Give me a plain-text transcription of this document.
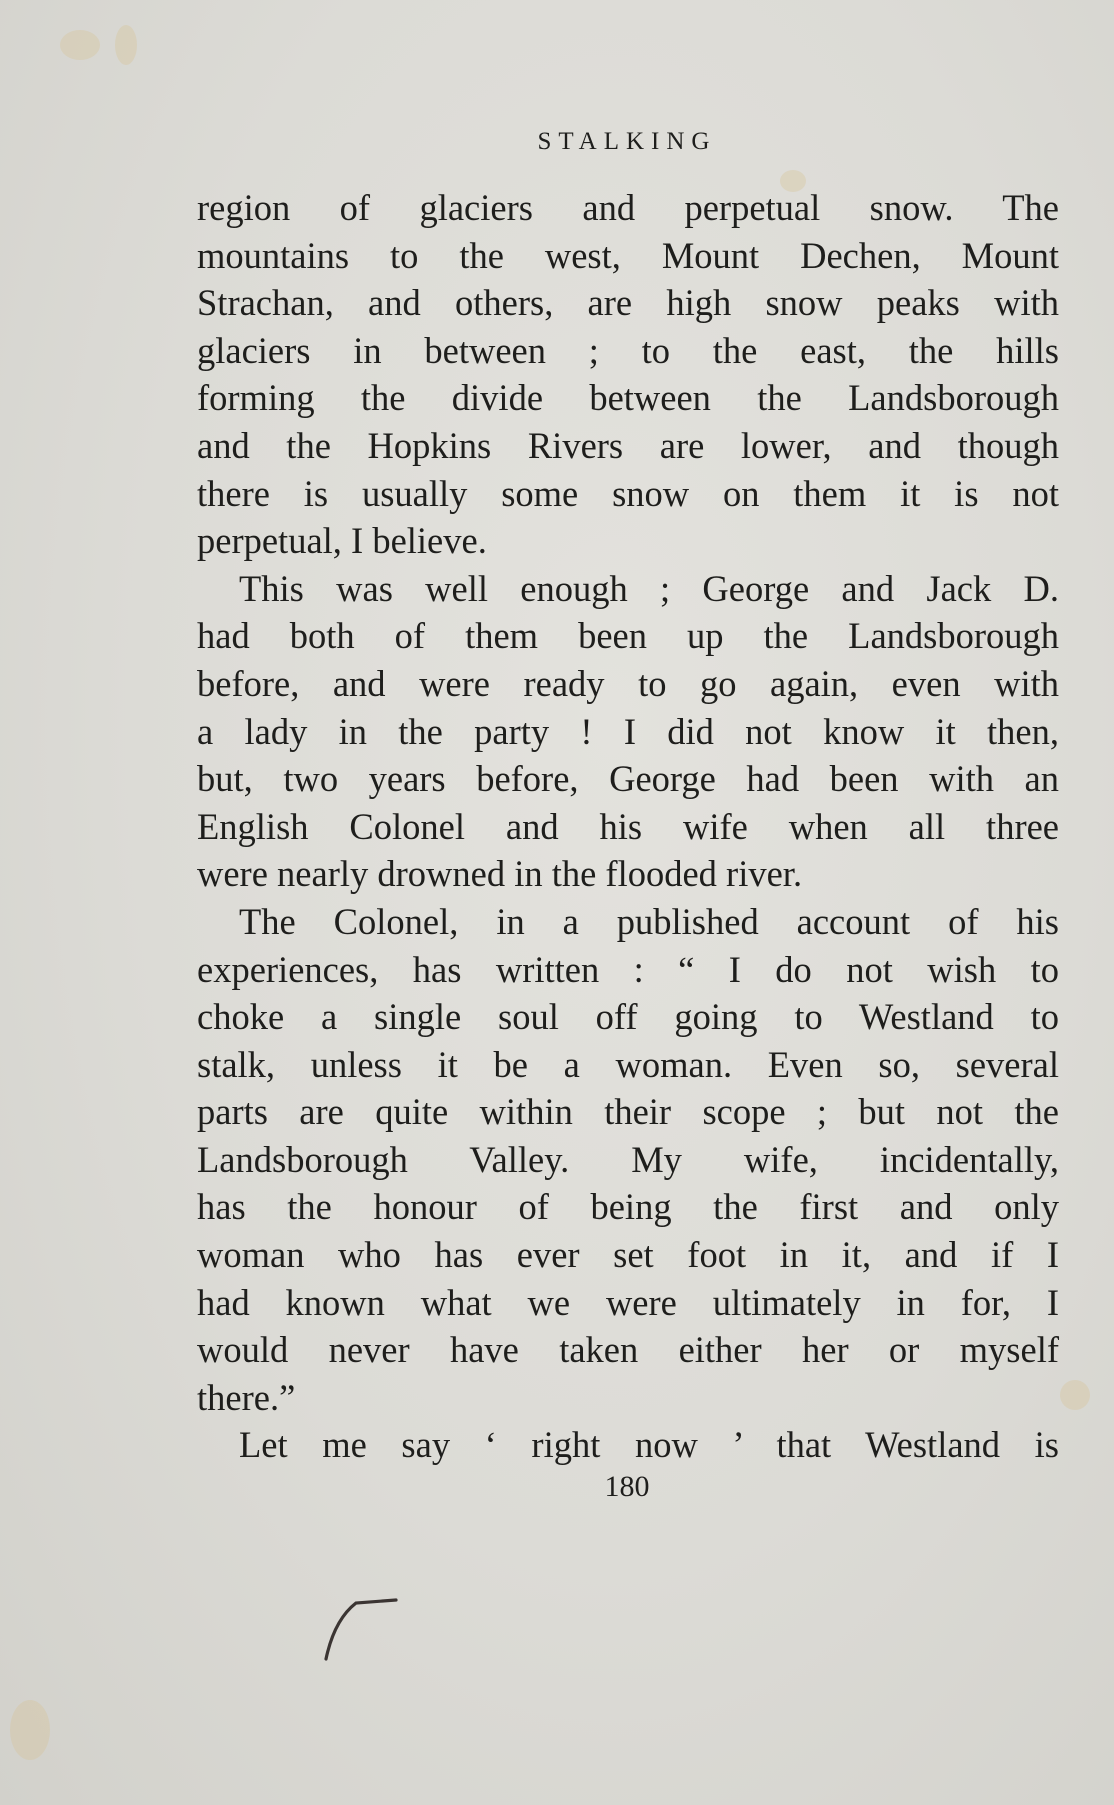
STALKING
region of glaciers and perpetual snow. The
mountains to the west, Mount Dechen, Mount
Strachan, and others, are high snow peaks with
glaciers in between ; to the east, the hills
forming the divide between the Landsborough
and the Hopkins Rivers are lower, and though
there is usually some snow on them it is not
perpetual, I believe.
This was well enough ; George and Jack D.
had both of them been up the Landsborough
before, and were ready to go again, even with
a lady in the party ! I did not know it then,
but, two years before, George had been with an
English Colonel and his wife when all three
were nearly drowned in the flooded river.
The Colonel, in a published account of his
experiences, has written : “ I do not wish to
choke a single soul off going to Westland to
stalk, unless it be a woman. Even so, several
parts are quite within their scope ; but not the
Landsborough Valley. My wife, incidentally,
has the honour of being the first and only
woman who has ever set foot in it, and if I
had known what we were ultimately in for, I
would never have taken either her or myself
there.”
Let me say ‘ right now ’ that Westland is
180
